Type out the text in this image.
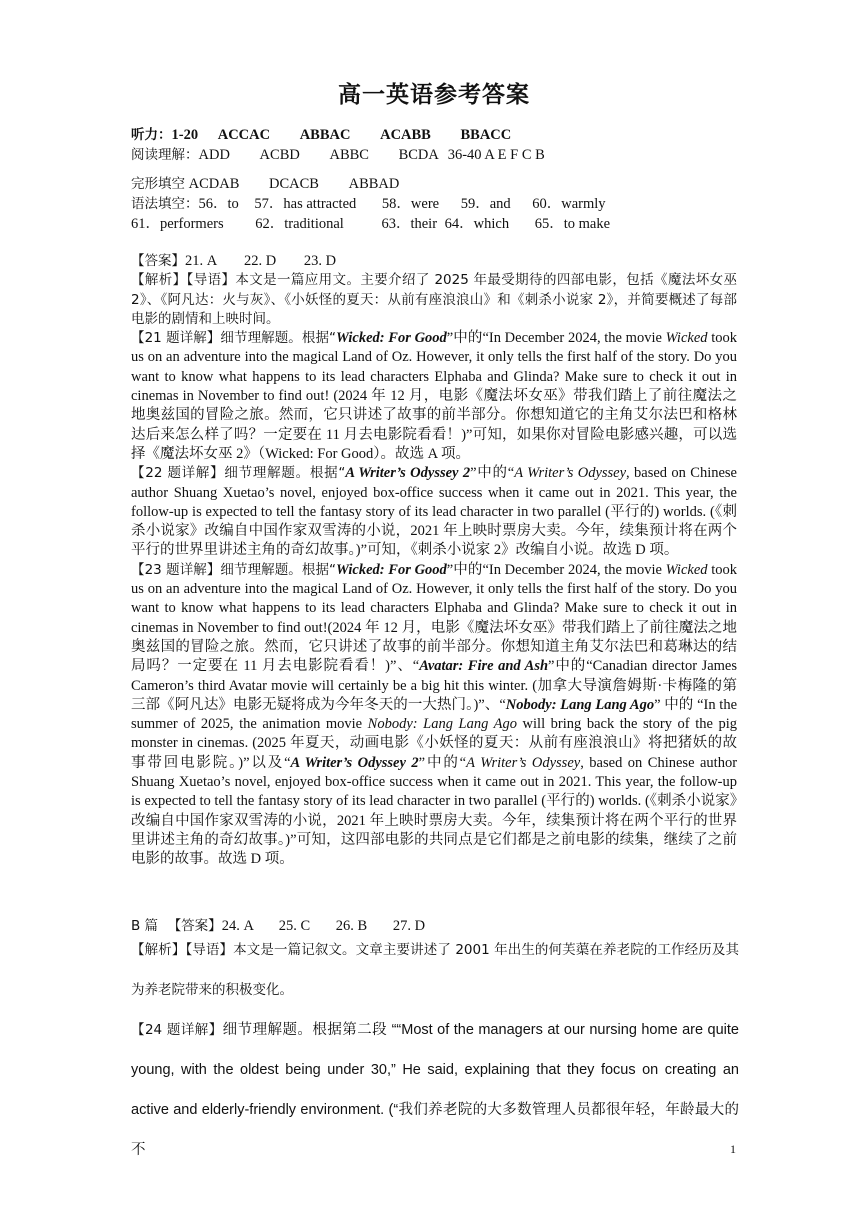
高一英语参考答案
听力：1-20 ACCAC ABBAC ACABB BBACC
阅读理解：ADD ACBD ABBC BCDA 36-40 A E F C B
完形填空 ACDAB DCACB ABBAD
语法填空：56．to 57．has attracted 58．were 59．and 60．warmly
61．performers 62．traditional	63．their 64．which 65．to make

【答案】21. A 22. D 23. D

【解析】【导语】本文是一篇应用文。主要介绍了 2025 年最受期待的四部电影，包括《魔法坏女巫 2》、《阿凡达：火与灰》、《小妖怪的夏天：从前有座浪浪山》和《刺杀小说家 2》，并简要概述了每部电影的剧情和上映时间。

【21 题详解】细节理解题。根据“Wicked: For Good”中的“In December 2024, the movie Wicked took us on an adventure into the magical Land of Oz. However, it only tells the first half of the story. Do you want to know what happens to its lead characters Elphaba and Glinda? Make sure to check it out in cinemas in November to find out! (2024 年 12 月，电影《魔法坏女巫》带我们踏上了前往魔法之地奥兹国的冒险之旅。然而，它只讲述了故事的前半部分。你想知道它的主角艾尔法巴和格林达后来怎么样了吗？一定要在 11 月去电影院看看！)”可知，如果你对冒险电影感兴趣，可以选择《魔法坏女巫 2》（Wicked: For Good）。故选 A 项。

【22 题详解】细节理解题。根据“A Writer’s Odyssey 2”中的“A Writer’s Odyssey, based on Chinese author Shuang Xuetao’s novel, enjoyed box-office success when it came out in 2021. This year, the follow-up is expected to tell the fantasy story of its lead character in two parallel (平行的) worlds. (《刺杀小说家》改编自中国作家双雪涛的小说，2021 年上映时票房大卖。今年，续集预计将在两个平行的世界里讲述主角的奇幻故事。)”可知，《刺杀小说家 2》改编自小说。故选 D 项。

【23 题详解】细节理解题。根据“Wicked: For Good”中的“In December 2024, the movie Wicked took us on an adventure into the magical Land of Oz. However, it only tells the first half of the story. Do you want to know what happens to its lead characters Elphaba and Glinda? Make sure to check it out in cinemas in November to find out!(2024 年 12 月，电影《魔法坏女巫》带我们踏上了前往魔法之地奥兹国的冒险之旅。然而，它只讲述了故事的前半部分。你想知道主角艾尔法巴和葛琳达的结局吗？一定要在 11 月去电影院看看！)”、“Avatar: Fire and Ash”中的“Canadian director James Cameron’s third Avatar movie will certainly be a big hit this winter. (加拿大导演詹姆斯·卡梅隆的第三部《阿凡达》电影无疑将成为今年冬天的一大热门。)”、“Nobody: Lang Lang Ago” 中的 “In the summer of 2025, the animation movie Nobody: Lang Lang Ago will bring back the story of the pig monster in cinemas. (2025 年夏天，动画电影《小妖怪的夏天：从前有座浪浪山》将把猪妖的故事带回电影院。)”以及“A Writer’s Odyssey 2”中的“A Writer’s Odyssey, based on Chinese author Shuang Xuetao’s novel, enjoyed box-office success when it came out in 2021. This year, the follow-up is expected to tell the fantasy story of its lead character in two parallel (平行的) worlds. (《刺杀小说家》改编自中国作家双雪涛的小说，2021 年上映时票房大卖。今年，续集预计将在两个平行的世界里讲述主角的奇幻故事。)”可知，这四部电影的共同点是它们都是之前电影的续集，继续了之前电影的故事。故选 D 项。

B 篇 【答案】24. A 25. C 26. B 27. D

【解析】【导语】本文是一篇记叙文。文章主要讲述了 2001 年出生的何芙蕖在养老院的工作经历及其为养老院带来的积极变化。

【24 题详解】细节理解题。根据第二段 ““Most of the managers at our nursing home are quite young, with the oldest being under 30,” He said, explaining that they focus on creating an active and elderly-friendly environment. (“我们养老院的大多数管理人员都很年轻，年龄最大的不	1
